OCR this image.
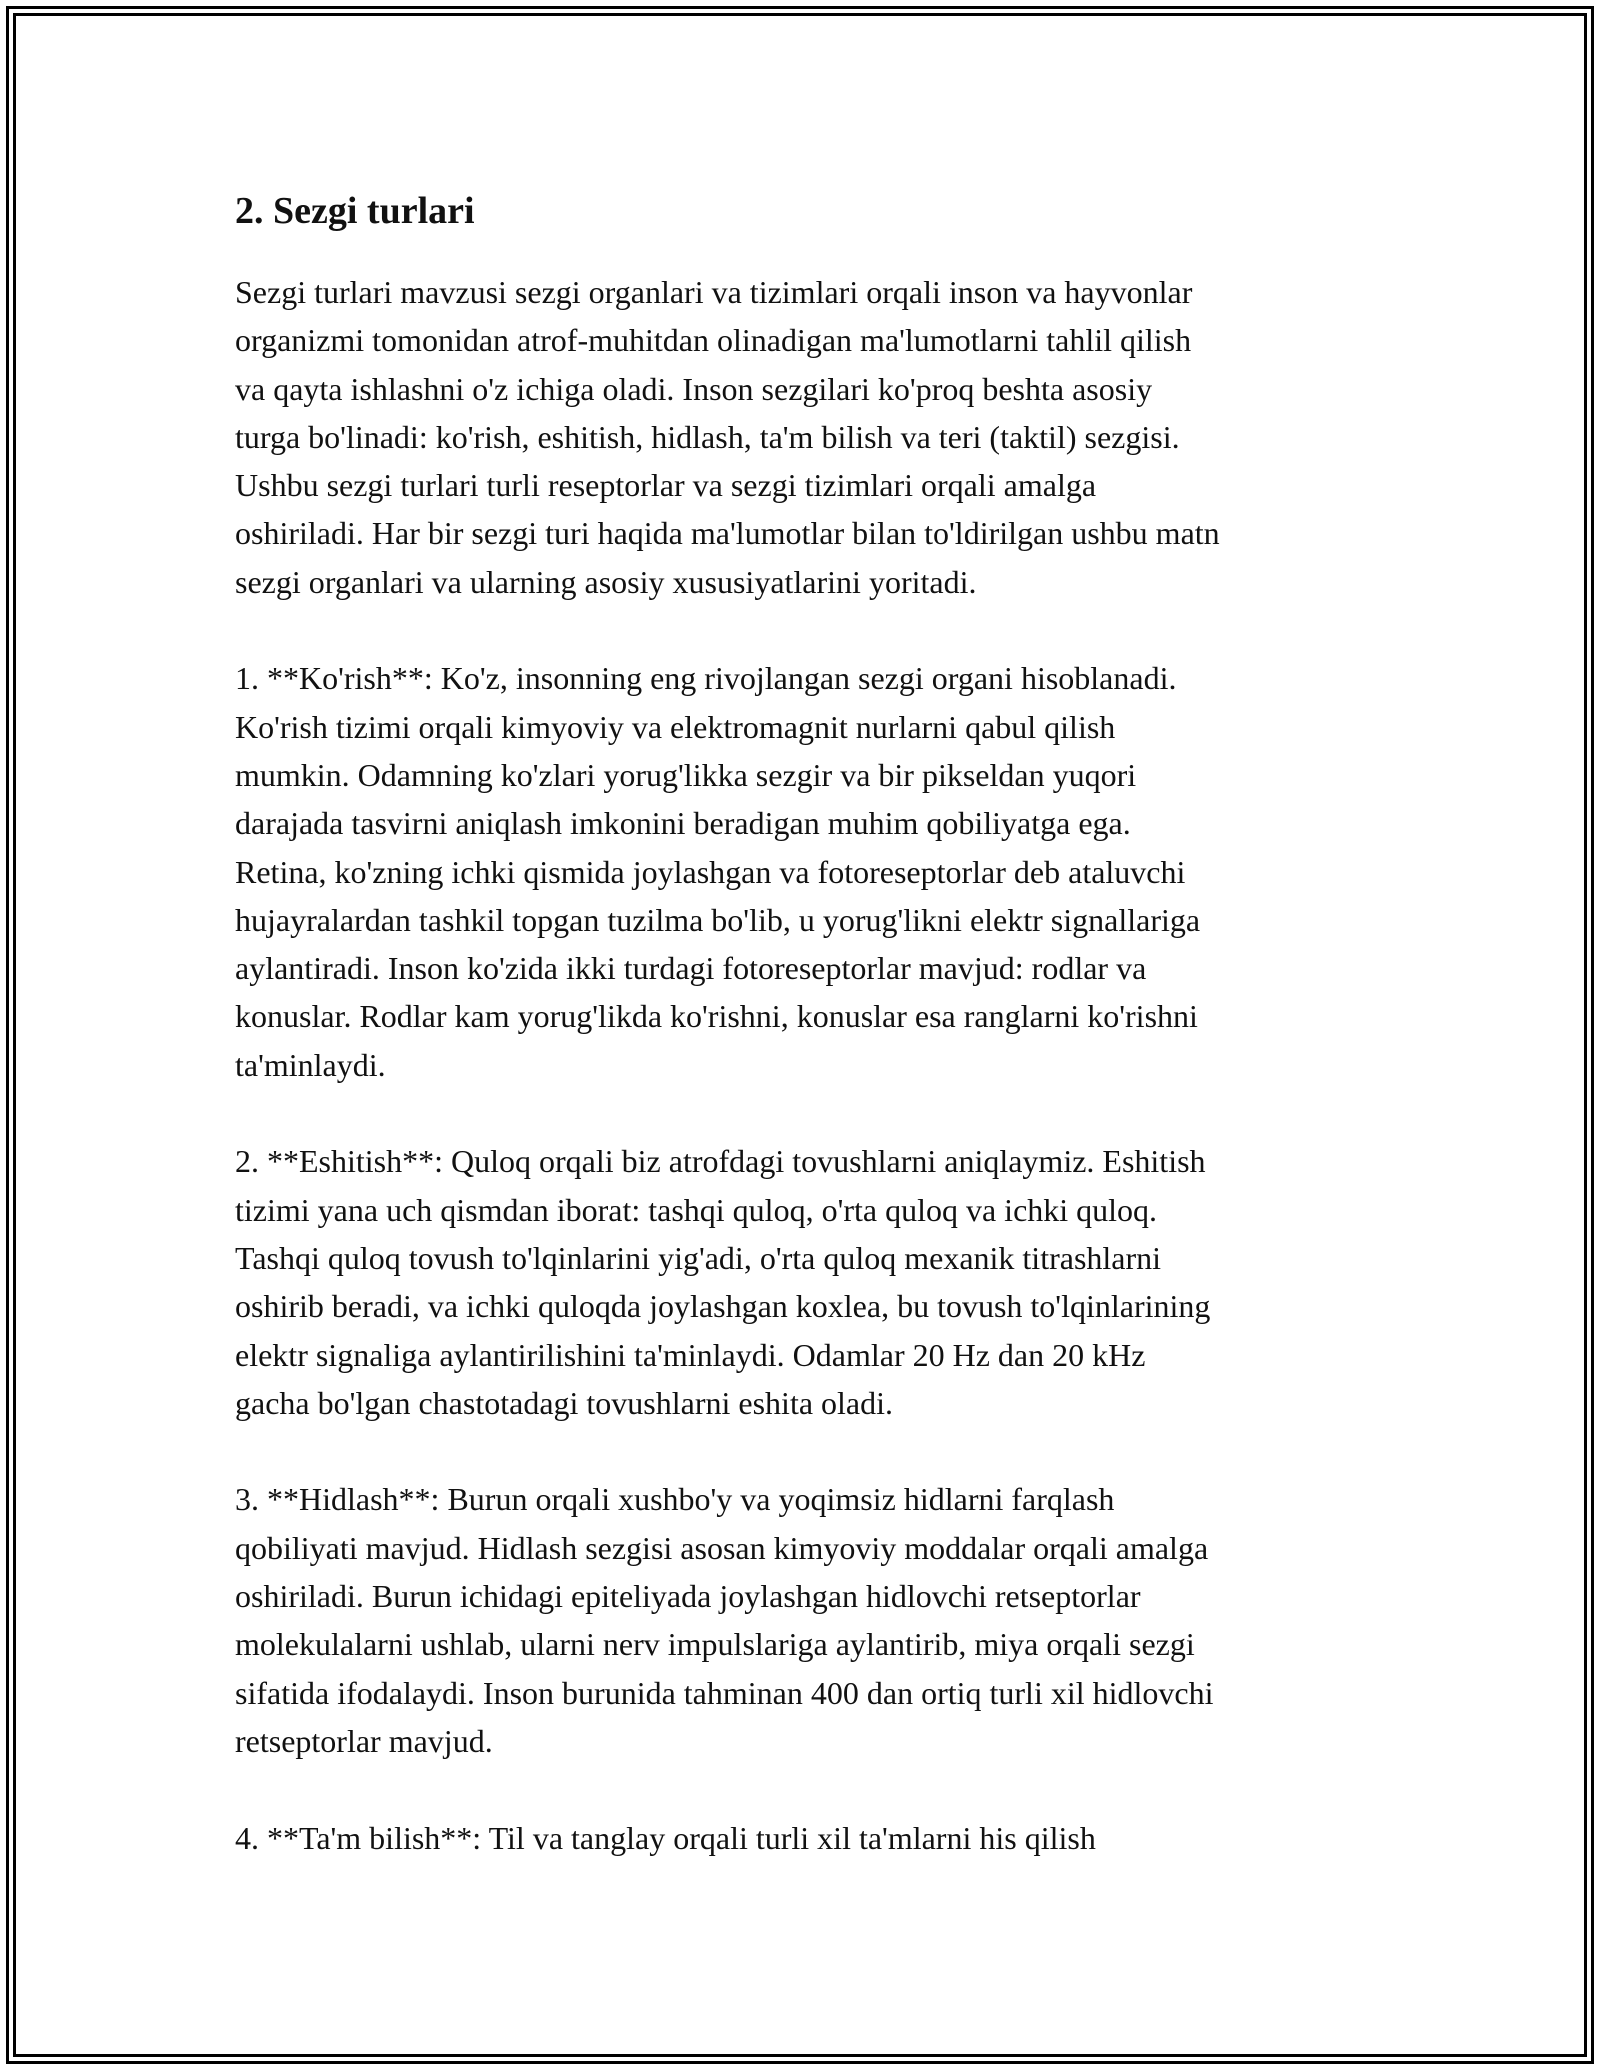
2. Sezgi turlari

Sezgi turlari mavzusi sezgi organlari va tizimlari orqali inson va hayvonlar
organizmi tomonidan atrof-muhitdan olinadigan ma'lumotlarni tahlil qilish
va qayta ishlashni o'z ichiga oladi. Inson sezgilari ko'proq beshta asosiy
turga bo'linadi: ko'rish, eshitish, hidlash, ta'm bilish va teri (taktil) sezgisi.
Ushbu sezgi turlari turli reseptorlar va sezgi tizimlari orqali amalga
oshiriladi. Har bir sezgi turi haqida ma'lumotlar bilan to'ldirilgan ushbu matn
sezgi organlari va ularning asosiy xususiyatlarini yoritadi.

1. **Ko'rish**: Ko'z, insonning eng rivojlangan sezgi organi hisoblanadi.
Ko'rish tizimi orqali kimyoviy va elektromagnit nurlarni qabul qilish
mumkin. Odamning ko'zlari yorug'likka sezgir va bir pikseldan yuqori
darajada tasvirni aniqlash imkonini beradigan muhim qobiliyatga ega.
Retina, ko'zning ichki qismida joylashgan va fotoreseptorlar deb ataluvchi
hujayralardan tashkil topgan tuzilma bo'lib, u yorug'likni elektr signallariga
aylantiradi. Inson ko'zida ikki turdagi fotoreseptorlar mavjud: rodlar va
konuslar. Rodlar kam yorug'likda ko'rishni, konuslar esa ranglarni ko'rishni
ta'minlaydi.

2. **Eshitish**: Quloq orqali biz atrofdagi tovushlarni aniqlaymiz. Eshitish
tizimi yana uch qismdan iborat: tashqi quloq, o'rta quloq va ichki quloq.
Tashqi quloq tovush to'lqinlarini yig'adi, o'rta quloq mexanik titrashlarni
oshirib beradi, va ichki quloqda joylashgan koxlea, bu tovush to'lqinlarining
elektr signaliga aylantirilishini ta'minlaydi. Odamlar 20 Hz dan 20 kHz
gacha bo'lgan chastotadagi tovushlarni eshita oladi.

3. **Hidlash**: Burun orqali xushbo'y va yoqimsiz hidlarni farqlash
qobiliyati mavjud. Hidlash sezgisi asosan kimyoviy moddalar orqali amalga
oshiriladi. Burun ichidagi epiteliyada joylashgan hidlovchi retseptorlar
molekulalarni ushlab, ularni nerv impulslariga aylantirib, miya orqali sezgi
sifatida ifodalaydi. Inson burunida tahminan 400 dan ortiq turli xil hidlovchi
retseptorlar mavjud.

4. **Ta'm bilish**: Til va tanglay orqali turli xil ta'mlarni his qilish
